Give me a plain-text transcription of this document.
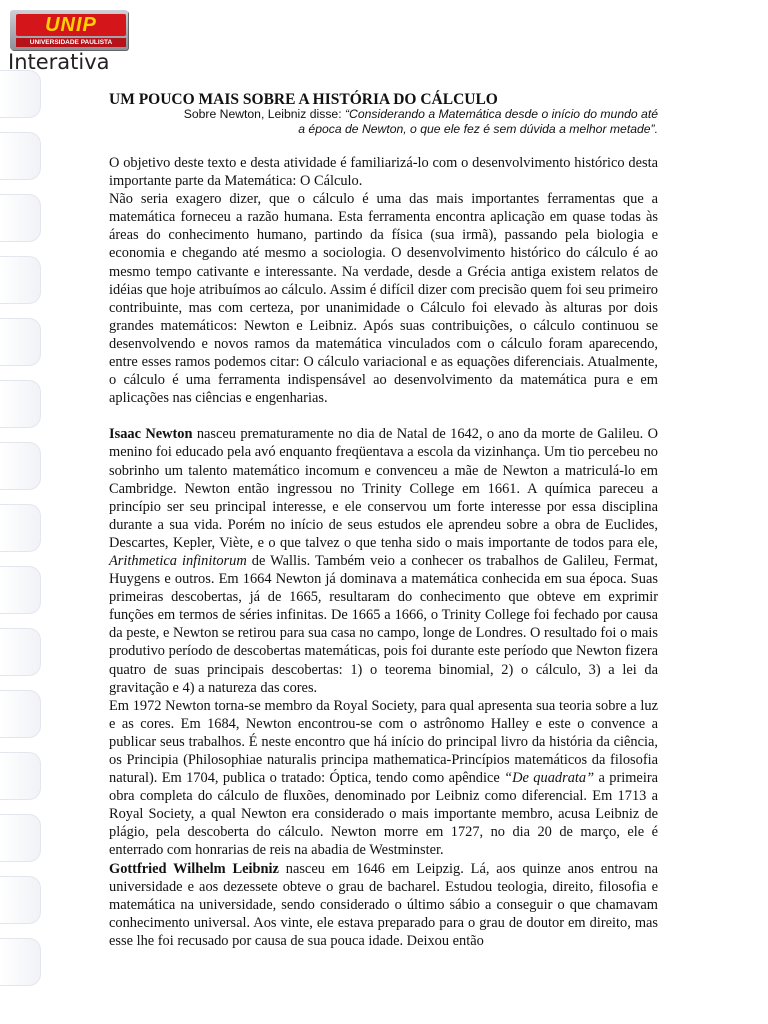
UNIP
UNIVERSIDADE PAULISTA
Interativa
UM POUCO MAIS SOBRE A HISTÓRIA DO CÁLCULO
Sobre Newton, Leibniz disse: “Considerando a Matemática desde o início do mundo até a época de Newton, o que ele fez é sem dúvida a melhor metade”.

O objetivo deste texto e desta atividade é familiarizá-lo com o desenvolvimento histórico desta importante parte da Matemática: O Cálculo.

Não seria exagero dizer, que o cálculo é uma das mais importantes ferramentas que a matemática forneceu a razão humana. Esta ferramenta encontra aplicação em quase todas às áreas do conhecimento humano, partindo da física (sua irmã), passando pela biologia e economia e chegando até mesmo a sociologia. O desenvolvimento histórico do cálculo é ao mesmo tempo cativante e interessante. Na verdade, desde a Grécia antiga existem relatos de idéias que hoje atribuímos ao cálculo. Assim é difícil dizer com precisão quem foi seu primeiro contribuinte, mas com certeza, por unanimidade o Cálculo foi elevado às alturas por dois grandes matemáticos: Newton e Leibniz. Após suas contribuições, o cálculo continuou se desenvolvendo e novos ramos da matemática vinculados com o cálculo foram aparecendo, entre esses ramos podemos citar: O cálculo variacional e as equações diferenciais. Atualmente, o cálculo é uma ferramenta indispensável ao desenvolvimento da matemática pura e em aplicações nas ciências e engenharias.

Isaac Newton nasceu prematuramente no dia de Natal de 1642, o ano da morte de Galileu. O menino foi educado pela avó enquanto freqüentava a escola da vizinhança. Um tio percebeu no sobrinho um talento matemático incomum e convenceu a mãe de Newton a matriculá-lo em Cambridge. Newton então ingressou no Trinity College em 1661. A química pareceu a princípio ser seu principal interesse, e ele conservou um forte interesse por essa disciplina durante a sua vida. Porém no início de seus estudos ele aprendeu sobre a obra de Euclides, Descartes, Kepler, Viète, e o que talvez o que tenha sido o mais importante de todos para ele, Arithmetica infinitorum de Wallis. Também veio a conhecer os trabalhos de Galileu, Fermat, Huygens e outros. Em 1664 Newton já dominava a matemática conhecida em sua época. Suas primeiras descobertas, já de 1665, resultaram do conhecimento que obteve em exprimir funções em termos de séries infinitas. De 1665 a 1666, o Trinity College foi fechado por causa da peste, e Newton se retirou para sua casa no campo, longe de Londres. O resultado foi o mais produtivo período de descobertas matemáticas, pois foi durante este período que Newton fizera quatro de suas principais descobertas: 1) o teorema binomial, 2) o cálculo, 3) a lei da gravitação e 4) a natureza das cores.

Em 1972 Newton torna-se membro da Royal Society, para qual apresenta sua teoria sobre a luz e as cores. Em 1684, Newton encontrou-se com o astrônomo Halley e este o convence a publicar seus trabalhos. É neste encontro que há início do principal livro da história da ciência, os Principia (Philosophiae naturalis principa mathematica-Princípios matemáticos da filosofia natural). Em 1704, publica o tratado: Óptica, tendo como apêndice “De quadrata” a primeira obra completa do cálculo de fluxões, denominado por Leibniz como diferencial. Em 1713 a Royal Society, a qual Newton era considerado o mais importante membro, acusa Leibniz de plágio, pela descoberta do cálculo. Newton morre em 1727, no dia 20 de março, ele é enterrado com honrarias de reis na abadia de Westminster.

Gottfried Wilhelm Leibniz nasceu em 1646 em Leipzig. Lá, aos quinze anos entrou na universidade e aos dezessete obteve o grau de bacharel. Estudou teologia, direito, filosofia e matemática na universidade, sendo considerado o último sábio a conseguir o que chamavam conhecimento universal. Aos vinte, ele estava preparado para o grau de doutor em direito, mas esse lhe foi recusado por causa de sua pouca idade. Deixou então
